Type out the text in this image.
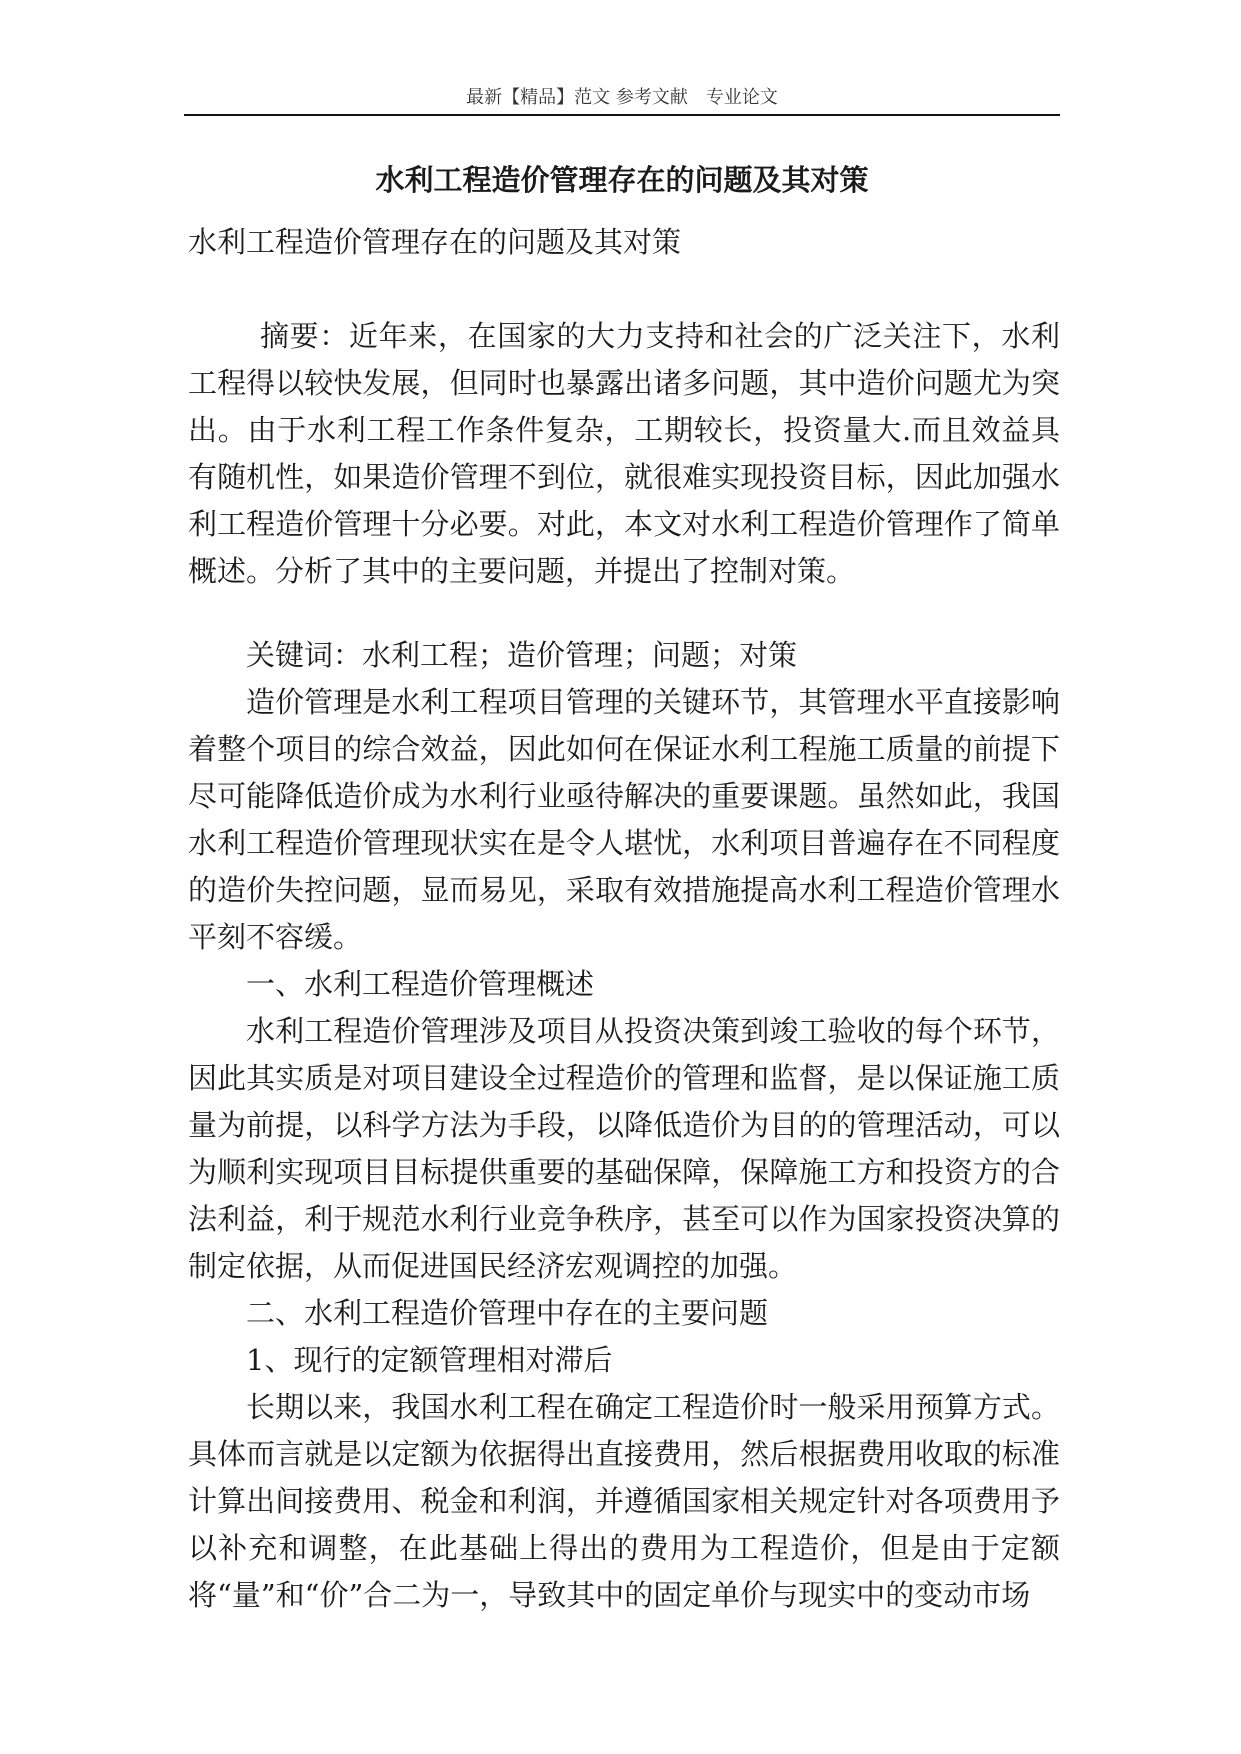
最新【精品】范文 参考文献　专业论文
水利工程造价管理存在的问题及其对策

水利工程造价管理存在的问题及其对策

摘要：近年来，在国家的大力支持和社会的广泛关注下，水利工程得以较快发展，但同时也暴露出诸多问题，其中造价问题尤为突出。由于水利工程工作条件复杂，工期较长，投资量大.而且效益具有随机性，如果造价管理不到位，就很难实现投资目标，因此加强水利工程造价管理十分必要。对此，本文对水利工程造价管理作了简单概述。分析了其中的主要问题，并提出了控制对策。

关键词：水利工程；造价管理；问题；对策

造价管理是水利工程项目管理的关键环节，其管理水平直接影响着整个项目的综合效益，因此如何在保证水利工程施工质量的前提下尽可能降低造价成为水利行业亟待解决的重要课题。虽然如此，我国水利工程造价管理现状实在是令人堪忧，水利项目普遍存在不同程度的造价失控问题，显而易见，采取有效措施提高水利工程造价管理水平刻不容缓。

一、水利工程造价管理概述

水利工程造价管理涉及项目从投资决策到竣工验收的每个环节，因此其实质是对项目建设全过程造价的管理和监督，是以保证施工质量为前提，以科学方法为手段，以降低造价为目的的管理活动，可以为顺利实现项目目标提供重要的基础保障，保障施工方和投资方的合法利益，利于规范水利行业竞争秩序，甚至可以作为国家投资决算的制定依据，从而促进国民经济宏观调控的加强。

二、水利工程造价管理中存在的主要问题

1、现行的定额管理相对滞后

长期以来，我国水利工程在确定工程造价时一般采用预算方式。具体而言就是以定额为依据得出直接费用，然后根据费用收取的标准计算出间接费用、税金和利润，并遵循国家相关规定针对各项费用予以补充和调整，在此基础上得出的费用为工程造价，但是由于定额将“量”和“价”合二为一，导致其中的固定单价与现实中的变动市场
